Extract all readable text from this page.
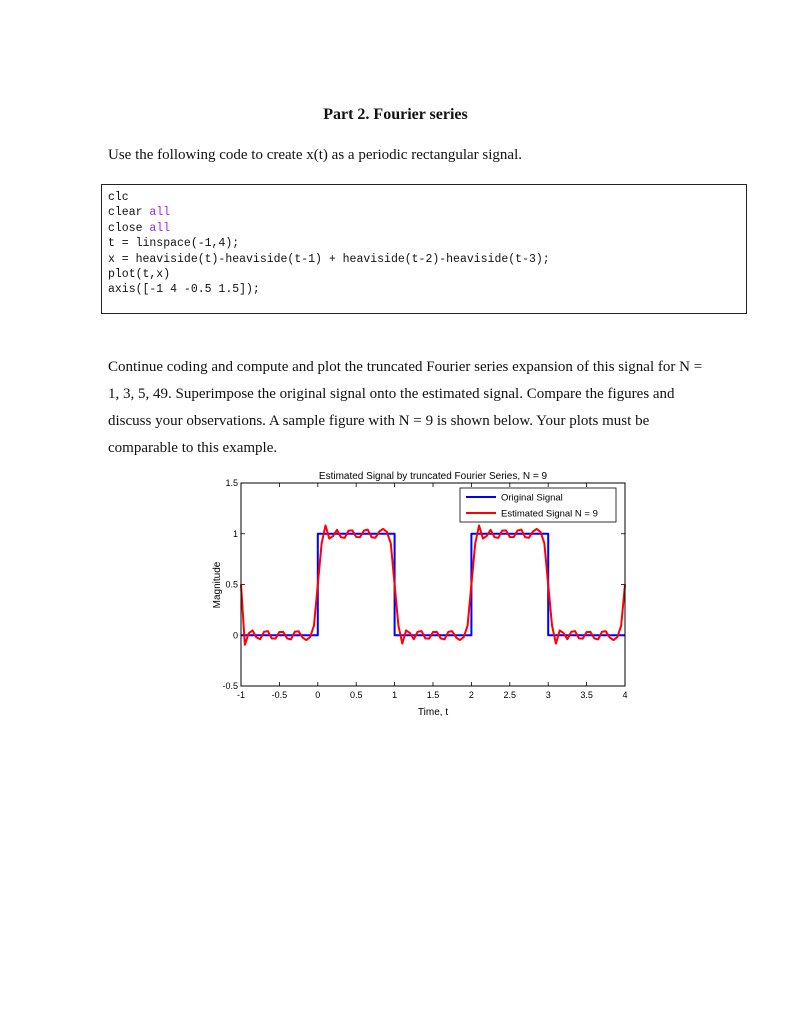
Part 2. Fourier series
Use the following code to create x(t) as a periodic rectangular signal.
clc
clear all
close all
t = linspace(-1,4);
x = heaviside(t)-heaviside(t-1) + heaviside(t-2)-heaviside(t-3);
plot(t,x)
axis([-1 4 -0.5 1.5]);
Continue coding and compute and plot the truncated Fourier series expansion of this signal for N =
1, 3, 5, 49. Superimpose the original signal onto the estimated signal. Compare the figures and
discuss your observations. A sample figure with N = 9 is shown below. Your plots must be
comparable to this example.
Estimated Signal by truncated Fourier Series, N = 9
Time, t
Magnitude
-1	-0.5	0	0.5	1	1.5	2	2.5	3	3.5	4
-0.5
0
0.5
1
1.5
Original Signal
Estimated Signal N = 9
